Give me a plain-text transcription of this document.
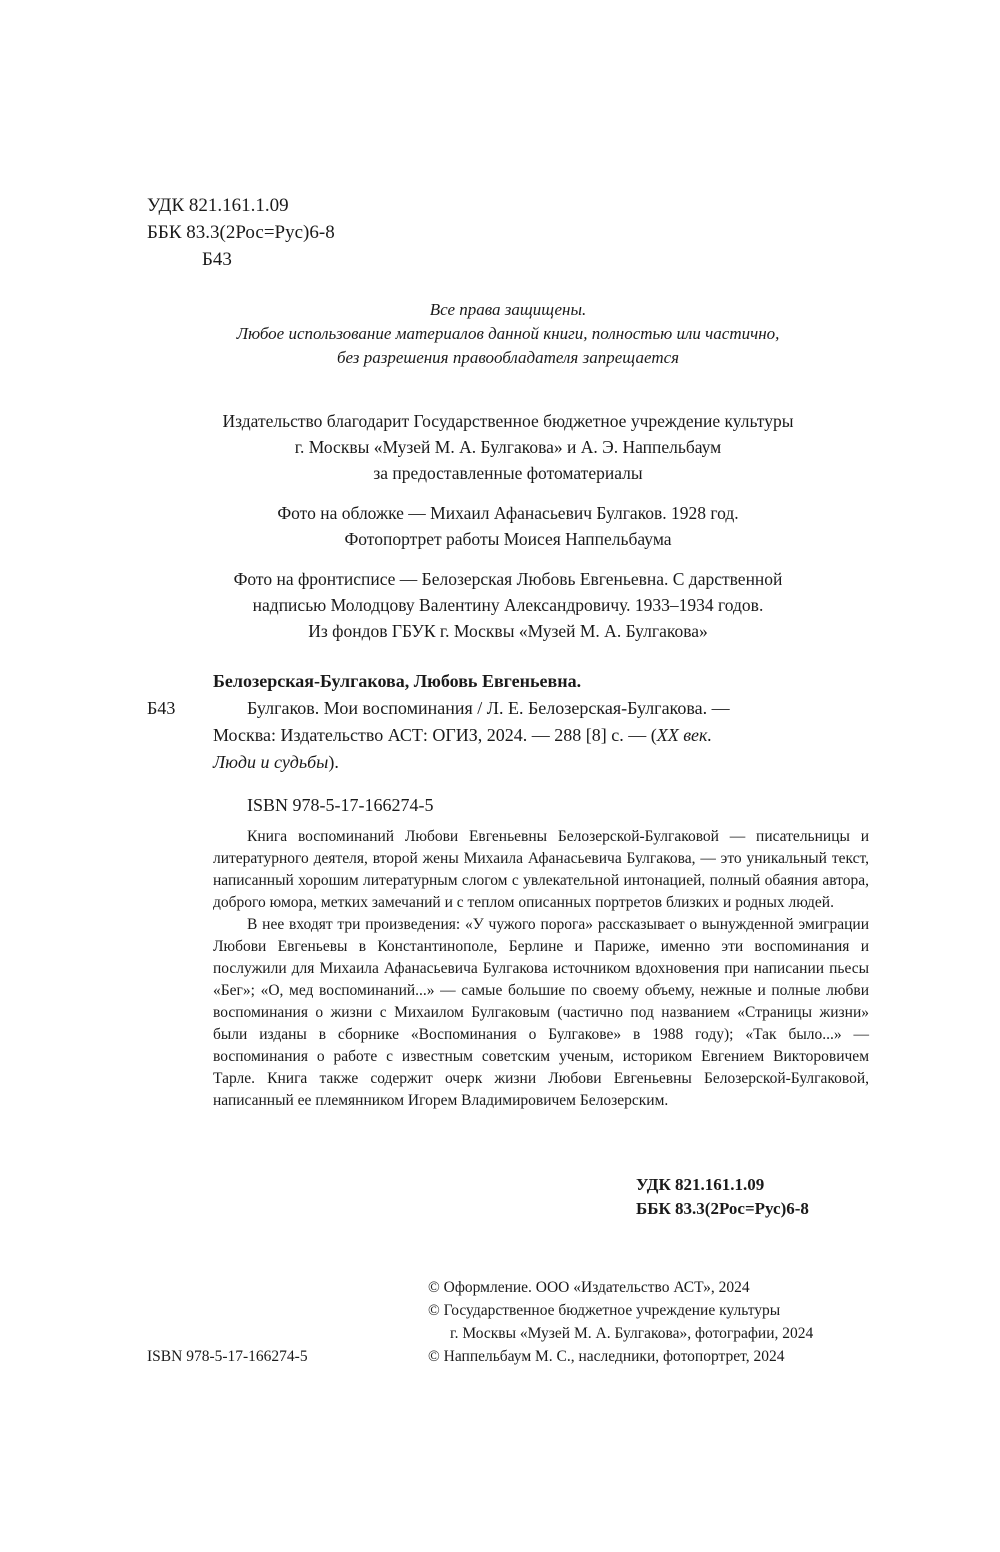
УДК 821.161.1.09
ББК 83.3(2Рос=Рус)6-8
Б43
Все права защищены.
Любое использование материалов данной книги, полностью или частично,
без разрешения правообладателя запрещается
Издательство благодарит Государственное бюджетное учреждение культуры
г. Москвы «Музей М. А. Булгакова» и А. Э. Наппельбаум
за предоставленные фотоматериалы
Фото на обложке — Михаил Афанасьевич Булгаков. 1928 год.
Фотопортрет работы Моисея Наппельбаума
Фото на фронтисписе — Белозерская Любовь Евгеньевна. С дарственной
надписью Молодцову Валентину Александровичу. 1933–1934 годов.
Из фондов ГБУК г. Москвы «Музей М. А. Булгакова»
Белозерская-Булгакова, Любовь Евгеньевна.
Б43	Булгаков. Мои воспоминания / Л. Е. Белозерская-Булгакова. —
Москва: Издательство АСТ: ОГИЗ, 2024. — 288 [8] с. — (XX век.
Люди и судьбы).
ISBN 978-5-17-166274-5

Книга воспоминаний Любови Евгеньевны Белозерской-Булгаковой — писательницы и литературного деятеля, второй жены Михаила Афанасьевича Булгакова, — это уникальный текст, написанный хорошим литературным слогом с увлекательной интонацией, полный обаяния автора, доброго юмора, метких замечаний и с теплом описанных портретов близких и родных людей.

В нее входят три произведения: «У чужого порога» рассказывает о вынужденной эмиграции Любови Евгеньевы в Константинополе, Берлине и Париже, именно эти воспоминания и послужили для Михаила Афанасьевича Булгакова источником вдохновения при написании пьесы «Бег»; «О, мед воспоминаний...» — самые большие по своему объему, нежные и полные любви воспоминания о жизни с Михаилом Булгаковым (частично под названием «Страницы жизни» были изданы в сборнике «Воспоминания о Булгакове» в 1988 году); «Так было...» — воспоминания о работе с известным советским ученым, историком Евгением Викторовичем Тарле. Книга также содержит очерк жизни Любови Евгеньевны Белозерской-Булгаковой, написанный ее племянником Игорем Владимировичем Белозерским.

УДК 821.161.1.09
ББК 83.3(2Рос=Рус)6-8
© Оформление. ООО «Издательство АСТ», 2024
© Государственное бюджетное учреждение культуры
г. Москвы «Музей М. А. Булгакова», фотографии, 2024
© Наппельбаум М. С., наследники, фотопортрет, 2024
ISBN 978-5-17-166274-5
